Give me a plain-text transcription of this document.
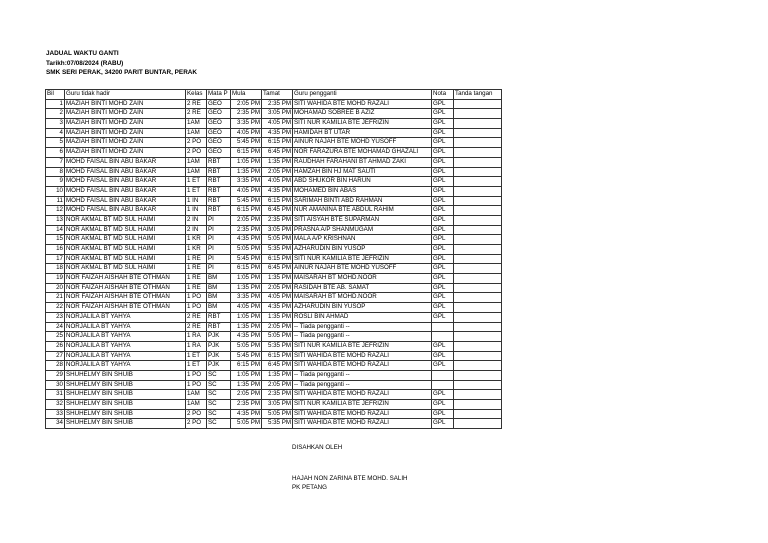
JADUAL WAKTU GANTI
Tarikh:07/08/2024 (RABU)
SMK SERI PERAK, 34200 PARIT BUNTAR, PERAK
Bil	Guru tidak hadir	Kelas	Mata P	Mula	Tamat	Guru pengganti	Nota	Tanda tangan
1	MAZIAH BINTI MOHD ZAIN	2 RE	GEO	2:05 PM	2:35 PM	SITI WAHIDA BTE MOHD RAZALI	GPL	
2	MAZIAH BINTI MOHD ZAIN	2 RE	GEO	2:35 PM	3:05 PM	MOHAMAD SOBREE B AZIZ	GPL	
3	MAZIAH BINTI MOHD ZAIN	1AM	GEO	3:35 PM	4:05 PM	SITI NUR KAMILIA BTE JEFRIZIN	GPL	
4	MAZIAH BINTI MOHD ZAIN	1AM	GEO	4:05 PM	4:35 PM	HAMIDAH BT UTAR	GPL	
5	MAZIAH BINTI MOHD ZAIN	2 PO	GEO	5:45 PM	6:15 PM	AINUR NAJAH BTE MOHD YUSOFF	GPL	
6	MAZIAH BINTI MOHD ZAIN	2 PO	GEO	6:15 PM	6:45 PM	NOR FARAZURA BTE MOHAMAD GHAZALI	GPL	
7	MOHD FAISAL BIN ABU BAKAR	1AM	RBT	1:05 PM	1:35 PM	RAUDHAH FARAHANI BT AHMAD ZAKI	GPL	
8	MOHD FAISAL BIN ABU BAKAR	1AM	RBT	1:35 PM	2:05 PM	HAMZAH BIN HJ MAT SAUTI	GPL	
9	MOHD FAISAL BIN ABU BAKAR	1 ET	RBT	3:35 PM	4:05 PM	ABD SHUKOR BIN HARUN	GPL	
10	MOHD FAISAL BIN ABU BAKAR	1 ET	RBT	4:05 PM	4:35 PM	MOHAMED BIN ABAS	GPL	
11	MOHD FAISAL BIN ABU BAKAR	1 IN	RBT	5:45 PM	6:15 PM	SARIMAH BINTI ABD RAHMAN	GPL	
12	MOHD FAISAL BIN ABU BAKAR	1 IN	RBT	6:15 PM	6:45 PM	NUR AMANINA BTE ABDUL RAHIM	GPL	
13	NOR AKMAL BT MD SUL HAIMI	2 IN	PI	2:05 PM	2:35 PM	SITI AISYAH BTE SUPARMAN	GPL	
14	NOR AKMAL BT MD SUL HAIMI	2 IN	PI	2:35 PM	3:05 PM	PRASNA A/P SHANMUGAM	GPL	
15	NOR AKMAL BT MD SUL HAIMI	1 KR	PI	4:35 PM	5:05 PM	MALA A/P KRISHNAN	GPL	
16	NOR AKMAL BT MD SUL HAIMI	1 KR	PI	5:05 PM	5:35 PM	AZHARUDIN BIN YUSOP	GPL	
17	NOR AKMAL BT MD SUL HAIMI	1 RE	PI	5:45 PM	6:15 PM	SITI NUR KAMILIA BTE JEFRIZIN	GPL	
18	NOR AKMAL BT MD SUL HAIMI	1 RE	PI	6:15 PM	6:45 PM	AINUR NAJAH BTE MOHD YUSOFF	GPL	
19	NOR FAIZAH AISHAH BTE OTHMAN	1 RE	BM	1:05 PM	1:35 PM	MAISARAH BT MOHD.NOOR	GPL	
20	NOR FAIZAH AISHAH BTE OTHMAN	1 RE	BM	1:35 PM	2:05 PM	RASIDAH BTE AB. SAMAT	GPL	
21	NOR FAIZAH AISHAH BTE OTHMAN	1 PO	BM	3:35 PM	4:05 PM	MAISARAH BT MOHD.NOOR	GPL	
22	NOR FAIZAH AISHAH BTE OTHMAN	1 PO	BM	4:05 PM	4:35 PM	AZHARUDIN BIN YUSOP	GPL	
23	NORJALILA BT YAHYA	2 RE	RBT	1:05 PM	1:35 PM	ROSLI BIN AHMAD	GPL	
24	NORJALILA BT YAHYA	2 RE	RBT	1:35 PM	2:05 PM	-- Tiada pengganti --		
25	NORJALILA BT YAHYA	1 RA	PJK	4:35 PM	5:05 PM	-- Tiada pengganti --		
26	NORJALILA BT YAHYA	1 RA	PJK	5:05 PM	5:35 PM	SITI NUR KAMILIA BTE JEFRIZIN	GPL	
27	NORJALILA BT YAHYA	1 ET	PJK	5:45 PM	6:15 PM	SITI WAHIDA BTE MOHD RAZALI	GPL	
28	NORJALILA BT YAHYA	1 ET	PJK	6:15 PM	6:45 PM	SITI WAHIDA BTE MOHD RAZALI	GPL	
29	SHUHELMY BIN SHUIB	1 PO	SC	1:05 PM	1:35 PM	-- Tiada pengganti --		
30	SHUHELMY BIN SHUIB	1 PO	SC	1:35 PM	2:05 PM	-- Tiada pengganti --		
31	SHUHELMY BIN SHUIB	1AM	SC	2:05 PM	2:35 PM	SITI WAHIDA BTE MOHD RAZALI	GPL	
32	SHUHELMY BIN SHUIB	1AM	SC	2:35 PM	3:05 PM	SITI NUR KAMILIA BTE JEFRIZIN	GPL	
33	SHUHELMY BIN SHUIB	2 PO	SC	4:35 PM	5:05 PM	SITI WAHIDA BTE MOHD RAZALI	GPL	
34	SHUHELMY BIN SHUIB	2 PO	SC	5:05 PM	5:35 PM	SITI WAHIDA BTE MOHD RAZALI	GPL	
DISAHKAN OLEH
HAJAH NON ZARINA BTE MOHD. SALIH
PK PETANG
